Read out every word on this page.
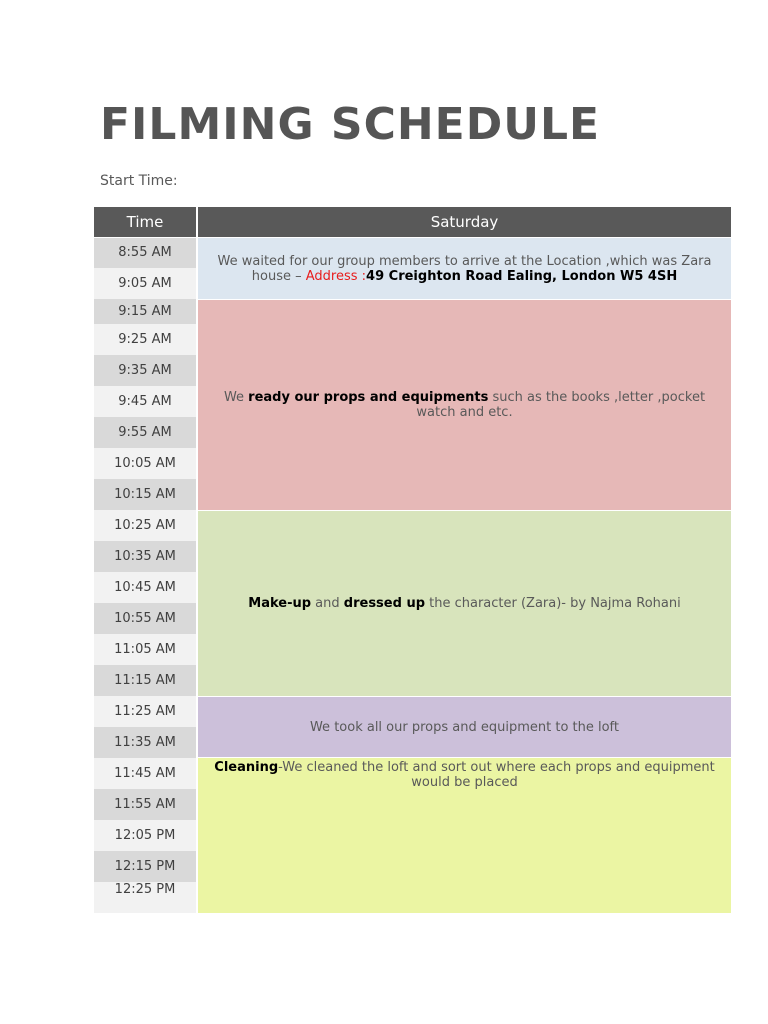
FILMING SCHEDULE
Start Time:
Time	Saturday
8:55 AM
9:05 AM
9:15 AM
9:25 AM
9:35 AM
9:45 AM
9:55 AM
10:05 AM
10:15 AM
10:25 AM
10:35 AM
10:45 AM
10:55 AM
11:05 AM
11:15 AM
11:25 AM
11:35 AM
11:45 AM
11:55 AM
12:05 PM
12:15 PM
12:25 PM
We waited for our group members to arrive at the Location ,which was Zara house – Address :49 Creighton Road Ealing, London W5 4SH
We ready our props and equipments such as the books ,letter ,pocket watch and etc.
Make-up and dressed up the character (Zara)- by Najma Rohani
We took all our props and equipment to the loft
Cleaning-We cleaned the loft and sort out where each props and equipment would be placed
